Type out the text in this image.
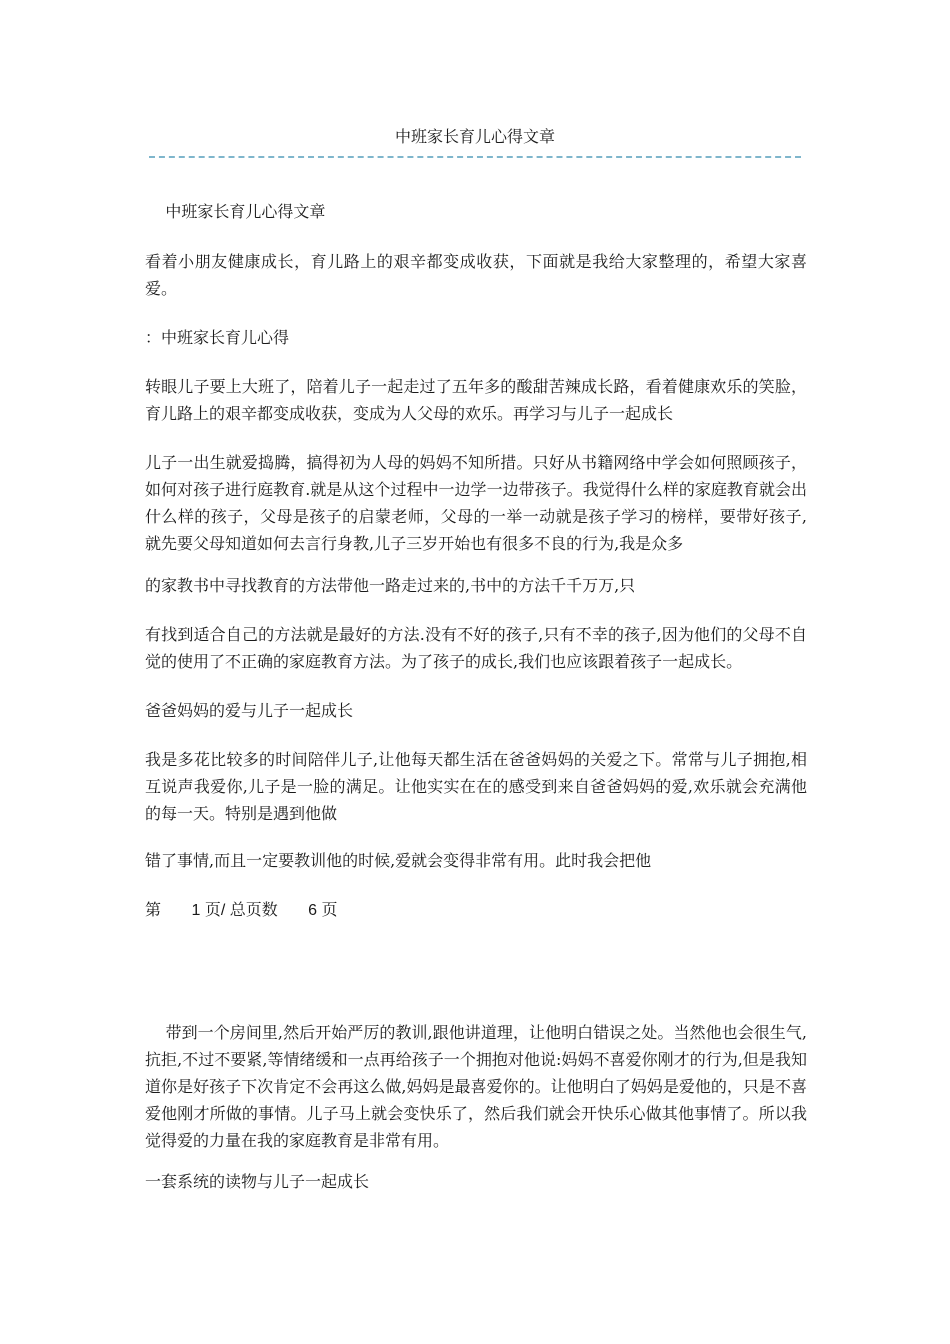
中班家长育儿心得文章

中班家长育儿心得文章

看着小朋友健康成长，育儿路上的艰辛都变成收获，下面就是我给大家整理的，希望大家喜爱。

：中班家长育儿心得

转眼儿子要上大班了，陪着儿子一起走过了五年多的酸甜苦辣成长路，看着健康欢乐的笑脸，育儿路上的艰辛都变成收获，变成为人父母的欢乐。再学习与儿子一起成长

儿子一出生就爱捣腾，搞得初为人母的妈妈不知所措。只好从书籍网络中学会如何照顾孩子，如何对孩子进行庭教育.就是从这个过程中一边学一边带孩子。我觉得什么样的家庭教育就会出什么样的孩子，父母是孩子的启蒙老师，父母的一举一动就是孩子学习的榜样，要带好孩子, 就先要父母知道如何去言行身教,儿子三岁开始也有很多不良的行为,我是众多

的家教书中寻找教育的方法带他一路走过来的,书中的方法千千万万,只

有找到适合自己的方法就是最好的方法.没有不好的孩子,只有不幸的孩子,因为他们的父母不自觉的使用了不正确的家庭教育方法。为了孩子的成长,我们也应该跟着孩子一起成长。

爸爸妈妈的爱与儿子一起成长

我是多花比较多的时间陪伴儿子,让他每天都生活在爸爸妈妈的关爱之下。常常与儿子拥抱,相互说声我爱你,儿子是一脸的满足。让他实实在在的感受到来自爸爸妈妈的爱,欢乐就会充满他的每一天。特别是遇到他做

错了事情,而且一定要教训他的时候,爱就会变得非常有用。此时我会把他

第 1 页/ 总页数 6 页

带到一个房间里,然后开始严厉的教训,跟他讲道理，让他明白错误之处。当然他也会很生气,抗拒,不过不要紧,等情绪缓和一点再给孩子一个拥抱对他说:妈妈不喜爱你刚才的行为,但是我知道你是好孩子下次肯定不会再这么做,妈妈是最喜爱你的。让他明白了妈妈是爱他的，只是不喜爱他刚才所做的事情。儿子马上就会变快乐了，然后我们就会开快乐心做其他事情了。所以我觉得爱的力量在我的家庭教育是非常有用。

一套系统的读物与儿子一起成长
